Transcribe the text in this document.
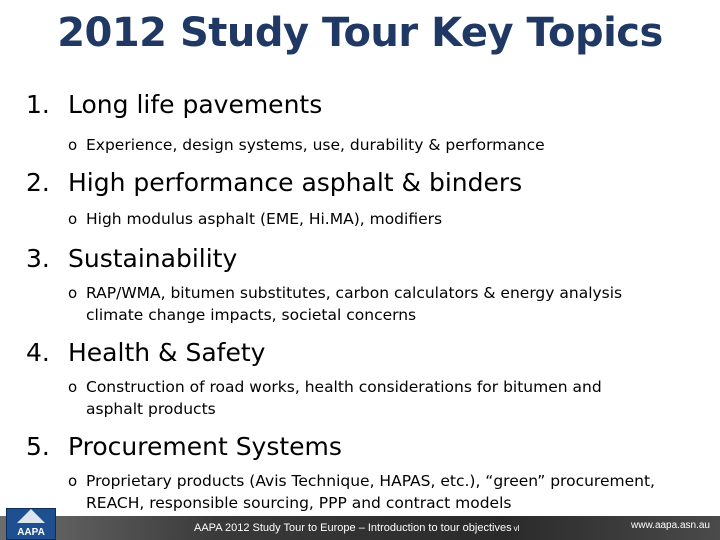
2012 Study Tour Key Topics
1. Long life pavements
o Experience, design systems, use, durability & performance
2. High performance asphalt & binders
o High modulus asphalt (EME, Hi.MA), modifiers
3. Sustainability
o RAP/WMA, bitumen substitutes, carbon calculators & energy analysis climate change impacts, societal concerns
4. Health & Safety
o Construction of road works, health considerations for bitumen and asphalt products
5. Procurement Systems
o Proprietary products (Avis Technique, HAPAS, etc.), “green” procurement, REACH, responsible sourcing, PPP and contract models
AAPA	AAPA 2012 Study Tour to Europe – Introduction to tour objectives vl	www.aapa.asn.au
